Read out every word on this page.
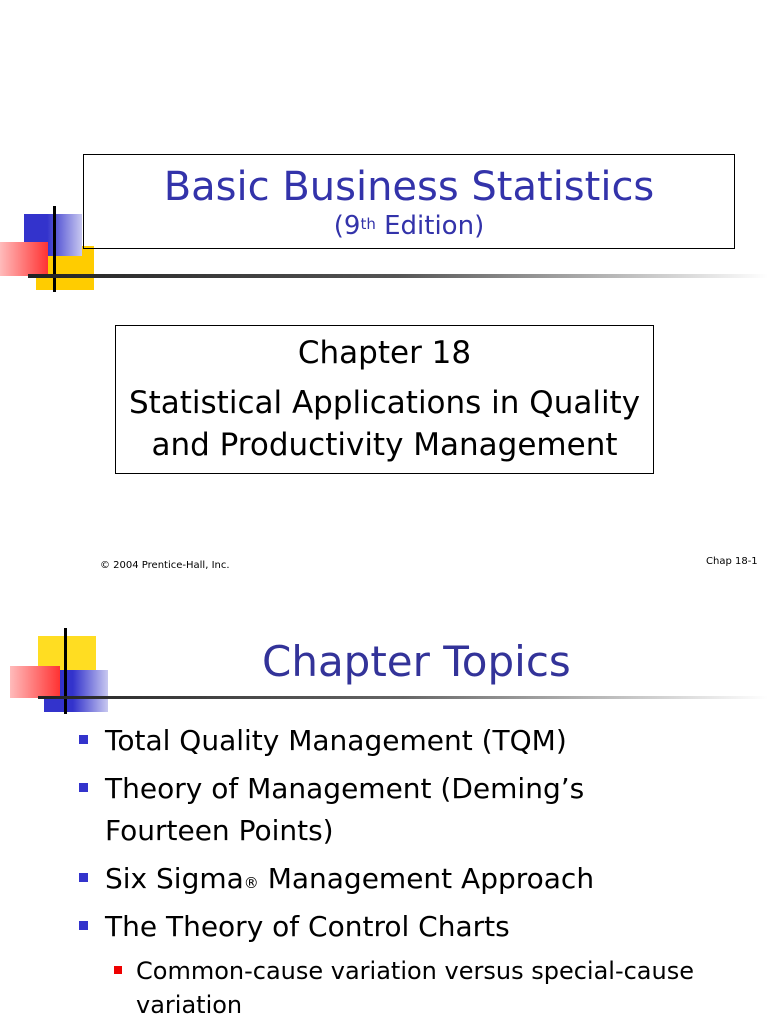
Basic Business Statistics
(9th Edition)
Chapter 18
Statistical Applications in Quality and Productivity Management
© 2004 Prentice-Hall, Inc.	Chap 18-1
Chapter Topics
Total Quality Management (TQM)
Theory of Management (Deming’s Fourteen Points)
Six Sigma® Management Approach
The Theory of Control Charts
Common-cause variation versus special-cause variation
